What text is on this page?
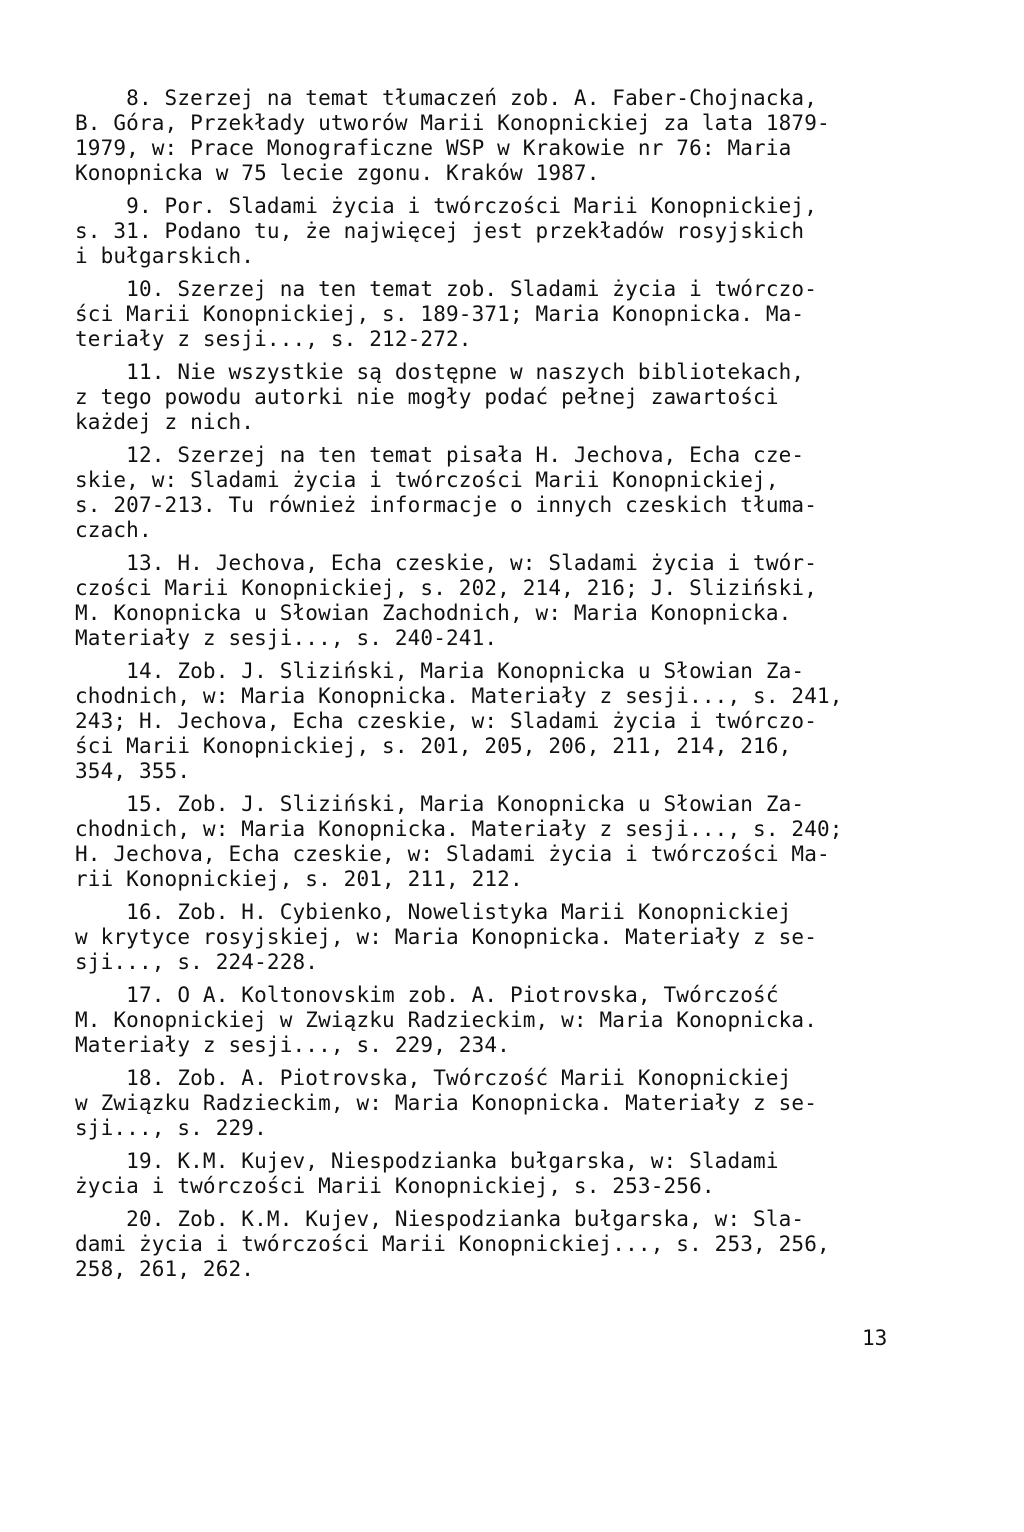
8. Szerzej na temat tłumaczeń zob. A. Faber-Chojnacka,
B. Góra, Przekłady utworów Marii Konopnickiej za lata 1879-
1979, w: Prace Monograficzne WSP w Krakowie nr 76: Maria
Konopnicka w 75 lecie zgonu. Kraków 1987.
9. Por. Sladami życia i twórczości Marii Konopnickiej,
s. 31. Podano tu, że najwięcej jest przekładów rosyjskich
i bułgarskich.
10. Szerzej na ten temat zob. Sladami życia i twórczo-
ści Marii Konopnickiej, s. 189-371; Maria Konopnicka. Ma-
teriały z sesji..., s. 212-272.
11. Nie wszystkie są dostępne w naszych bibliotekach,
z tego powodu autorki nie mogły podać pełnej zawartości
każdej z nich.
12. Szerzej na ten temat pisała H. Jechova, Echa cze-
skie, w: Sladami życia i twórczości Marii Konopnickiej,
s. 207-213. Tu również informacje o innych czeskich tłuma-
czach.
13. H. Jechova, Echa czeskie, w: Sladami życia i twór-
czości Marii Konopnickiej, s. 202, 214, 216; J. Sliziński,
M. Konopnicka u Słowian Zachodnich, w: Maria Konopnicka.
Materiały z sesji..., s. 240-241.
14. Zob. J. Sliziński, Maria Konopnicka u Słowian Za-
chodnich, w: Maria Konopnicka. Materiały z sesji..., s. 241,
243; H. Jechova, Echa czeskie, w: Sladami życia i twórczo-
ści Marii Konopnickiej, s. 201, 205, 206, 211, 214, 216,
354, 355.
15. Zob. J. Sliziński, Maria Konopnicka u Słowian Za-
chodnich, w: Maria Konopnicka. Materiały z sesji..., s. 240;
H. Jechova, Echa czeskie, w: Sladami życia i twórczości Ma-
rii Konopnickiej, s. 201, 211, 212.
16. Zob. H. Cybienko, Nowelistyka Marii Konopnickiej
w krytyce rosyjskiej, w: Maria Konopnicka. Materiały z se-
sji..., s. 224-228.
17. O A. Koltonovskim zob. A. Piotrovska, Twórczość
M. Konopnickiej w Związku Radzieckim, w: Maria Konopnicka.
Materiały z sesji..., s. 229, 234.
18. Zob. A. Piotrovska, Twórczość Marii Konopnickiej
w Związku Radzieckim, w: Maria Konopnicka. Materiały z se-
sji..., s. 229.
19. K.M. Kujev, Niespodzianka bułgarska, w: Sladami
życia i twórczości Marii Konopnickiej, s. 253-256.
20. Zob. K.M. Kujev, Niespodzianka bułgarska, w: Sla-
dami życia i twórczości Marii Konopnickiej..., s. 253, 256,
258, 261, 262.
13
